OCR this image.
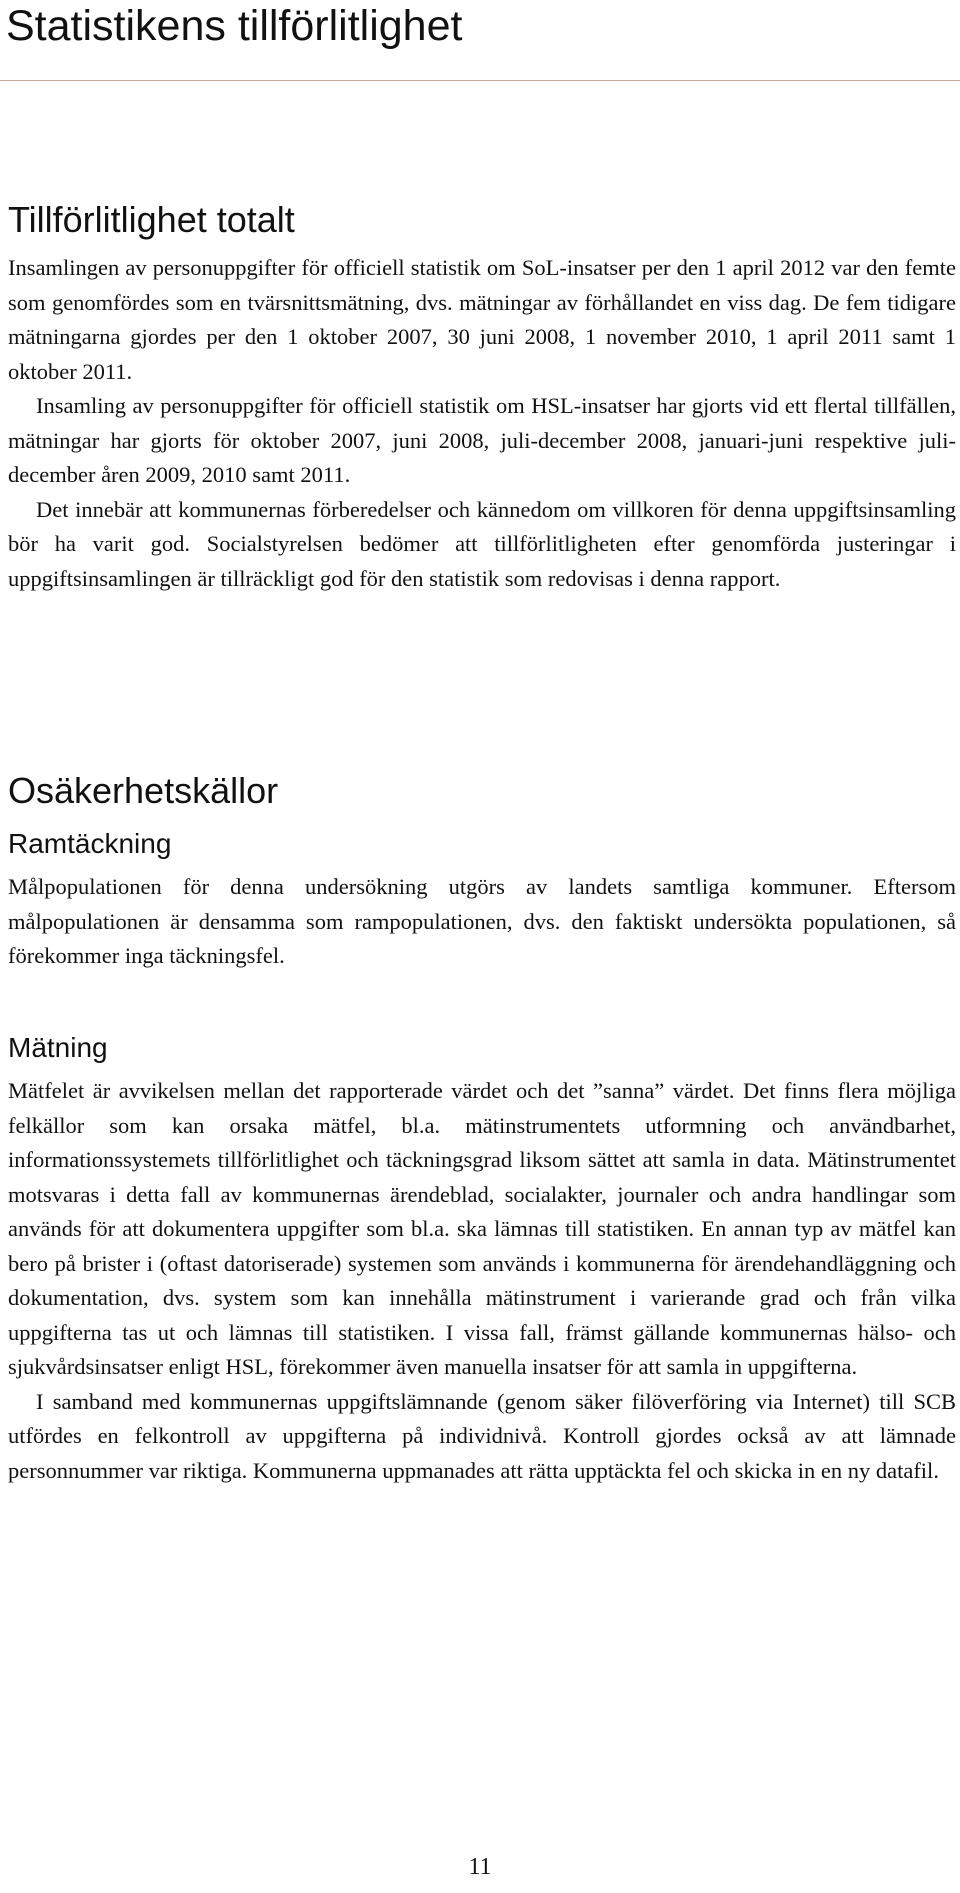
Statistikens tillförlitlighet
Tillförlitlighet totalt

Insamlingen av personuppgifter för officiell statistik om SoL-insatser per den 1 april 2012 var den femte som genomfördes som en tvärsnittsmätning, dvs. mätningar av förhållandet en viss dag. De fem tidigare mätningarna gjordes per den 1 oktober 2007, 30 juni 2008, 1 november 2010, 1 april 2011 samt 1 oktober 2011.

Insamling av personuppgifter för officiell statistik om HSL-insatser har gjorts vid ett flertal tillfällen, mätningar har gjorts för oktober 2007, juni 2008, juli-december 2008, januari-juni respektive juli-december åren 2009, 2010 samt 2011.

Det innebär att kommunernas förberedelser och kännedom om villkoren för denna uppgiftsinsamling bör ha varit god. Socialstyrelsen bedömer att tillförlitligheten efter genomförda justeringar i uppgiftsinsamlingen är tillräckligt god för den statistik som redovisas i denna rapport.

Osäkerhetskällor
Ramtäckning

Målpopulationen för denna undersökning utgörs av landets samtliga kommuner. Eftersom målpopulationen är densamma som rampopulationen, dvs. den faktiskt undersökta populationen, så förekommer inga täckningsfel.

Mätning

Mätfelet är avvikelsen mellan det rapporterade värdet och det ”sanna” värdet. Det finns flera möjliga felkällor som kan orsaka mätfel, bl.a. mätinstrumentets utformning och användbarhet, informationssystemets tillförlitlighet och täckningsgrad liksom sättet att samla in data. Mätinstrumentet motsvaras i detta fall av kommunernas ärendeblad, socialakter, journaler och andra handlingar som används för att dokumentera uppgifter som bl.a. ska lämnas till statistiken. En annan typ av mätfel kan bero på brister i (oftast datoriserade) systemen som används i kommunerna för ärendehandläggning och dokumentation, dvs. system som kan innehålla mätinstrument i varierande grad och från vilka uppgifterna tas ut och lämnas till statistiken. I vissa fall, främst gällande kommunernas hälso- och sjukvårdsinsatser enligt HSL, förekommer även manuella insatser för att samla in uppgifterna.

I samband med kommunernas uppgiftslämnande (genom säker filöverföring via Internet) till SCB utfördes en felkontroll av uppgifterna på individnivå. Kontroll gjordes också av att lämnade personnummer var riktiga. Kommunerna uppmanades att rätta upptäckta fel och skicka in en ny datafil.

11
